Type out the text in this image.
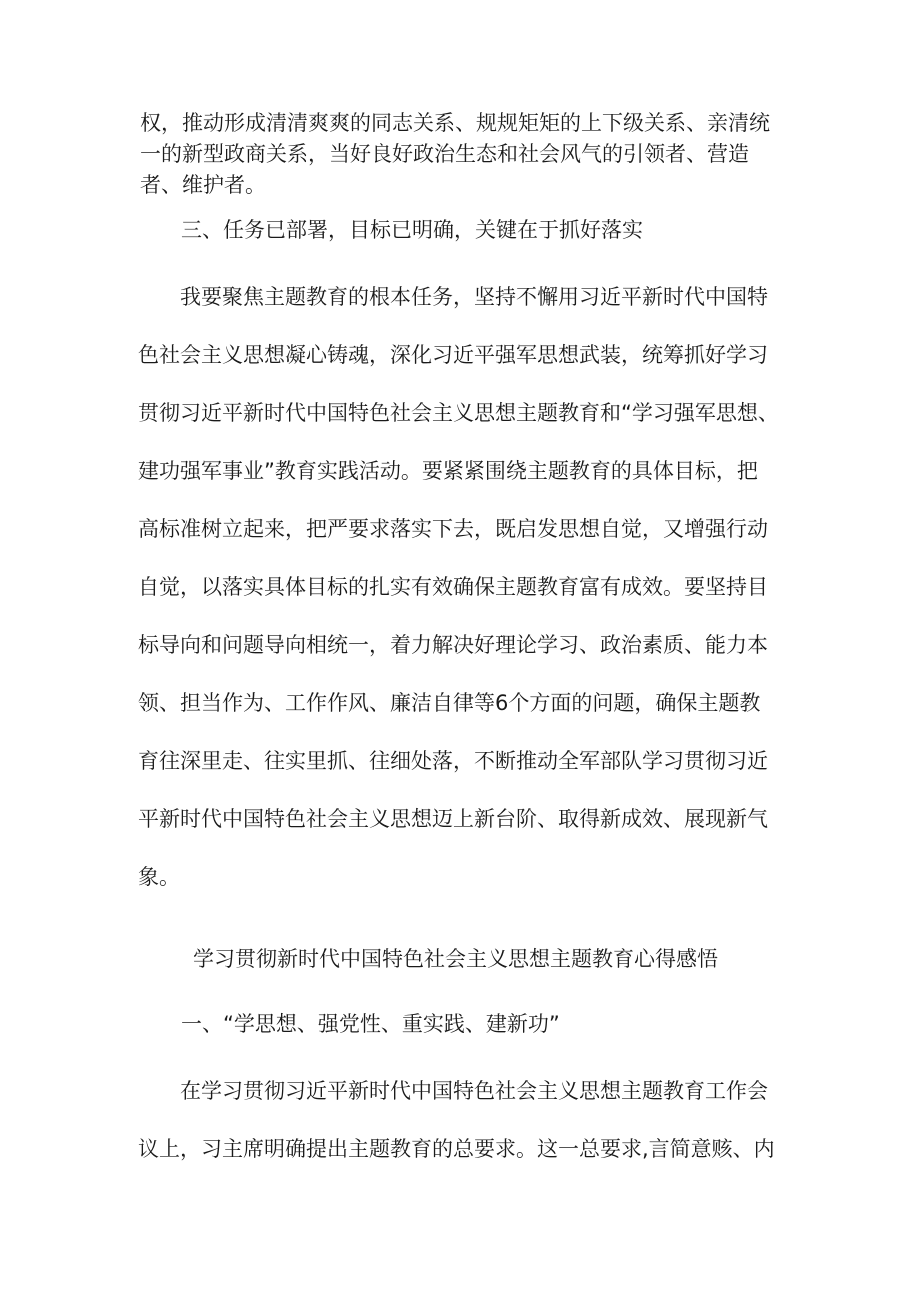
权，推动形成清清爽爽的同志关系、规规矩矩的上下级关系、亲清统
一的新型政商关系，当好良好政治生态和社会风气的引领者、营造
者、维护者。
三、任务已部署，目标已明确，关键在于抓好落实
我要聚焦主题教育的根本任务，坚持不懈用习近平新时代中国特
色社会主义思想凝心铸魂，深化习近平强军思想武装，统筹抓好学习
贯彻习近平新时代中国特色社会主义思想主题教育和“学习强军思想、
建功强军事业”教育实践活动。要紧紧围绕主题教育的具体目标，把
高标准树立起来，把严要求落实下去，既启发思想自觉，又增强行动
自觉，以落实具体目标的扎实有效确保主题教育富有成效。要坚持目
标导向和问题导向相统一，着力解决好理论学习、政治素质、能力本
领、担当作为、工作作风、廉洁自律等6个方面的问题，确保主题教
育往深里走、往实里抓、往细处落，不断推动全军部队学习贯彻习近
平新时代中国特色社会主义思想迈上新台阶、取得新成效、展现新气
象。
学习贯彻新时代中国特色社会主义思想主题教育心得感悟
一、“学思想、强党性、重实践、建新功”
在学习贯彻习近平新时代中国特色社会主义思想主题教育工作会
议上，习主席明确提出主题教育的总要求。这一总要求,言简意赅、内
